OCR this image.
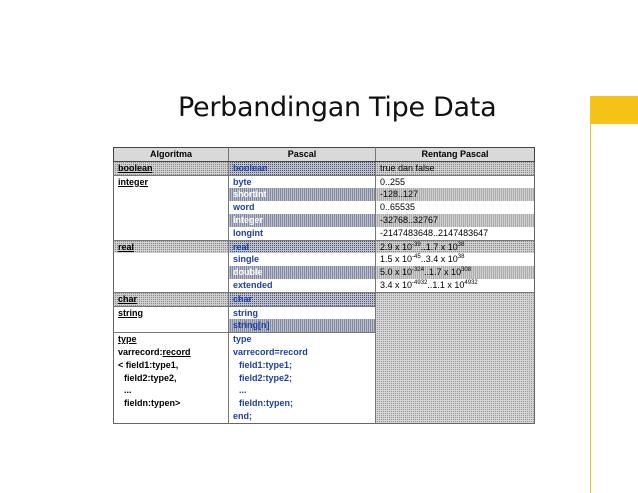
Perbandingan Tipe Data
Algoritma	Pascal	Rentang Pascal
boolean	boolean	true dan false
integer	byte	0..255
	shortint	-128..127
	word	0..65535
	integer	-32768..32767
	longint	-2147483648..2147483647
real	real	2.9 x $10^{-39}..1.7$ x $10^{38}$
	single	1.5 x $10^{-45}..3.4$ x $10^{38}$
	double	5.0 x $10^{-324}..1.7$ x $10^{308}$
	extended	3.4 x $10^{-4932}..1.1$ x $10^{4932}$
char	char	
string	string	
	string[n]	
type	type	
varrecord:record	varrecord=record	
< field1:type1,	field1:type1;	
field2:type2,	field2:type2;	
...	...	
fieldn:typen>	fieldn:typen;	
	end;	
